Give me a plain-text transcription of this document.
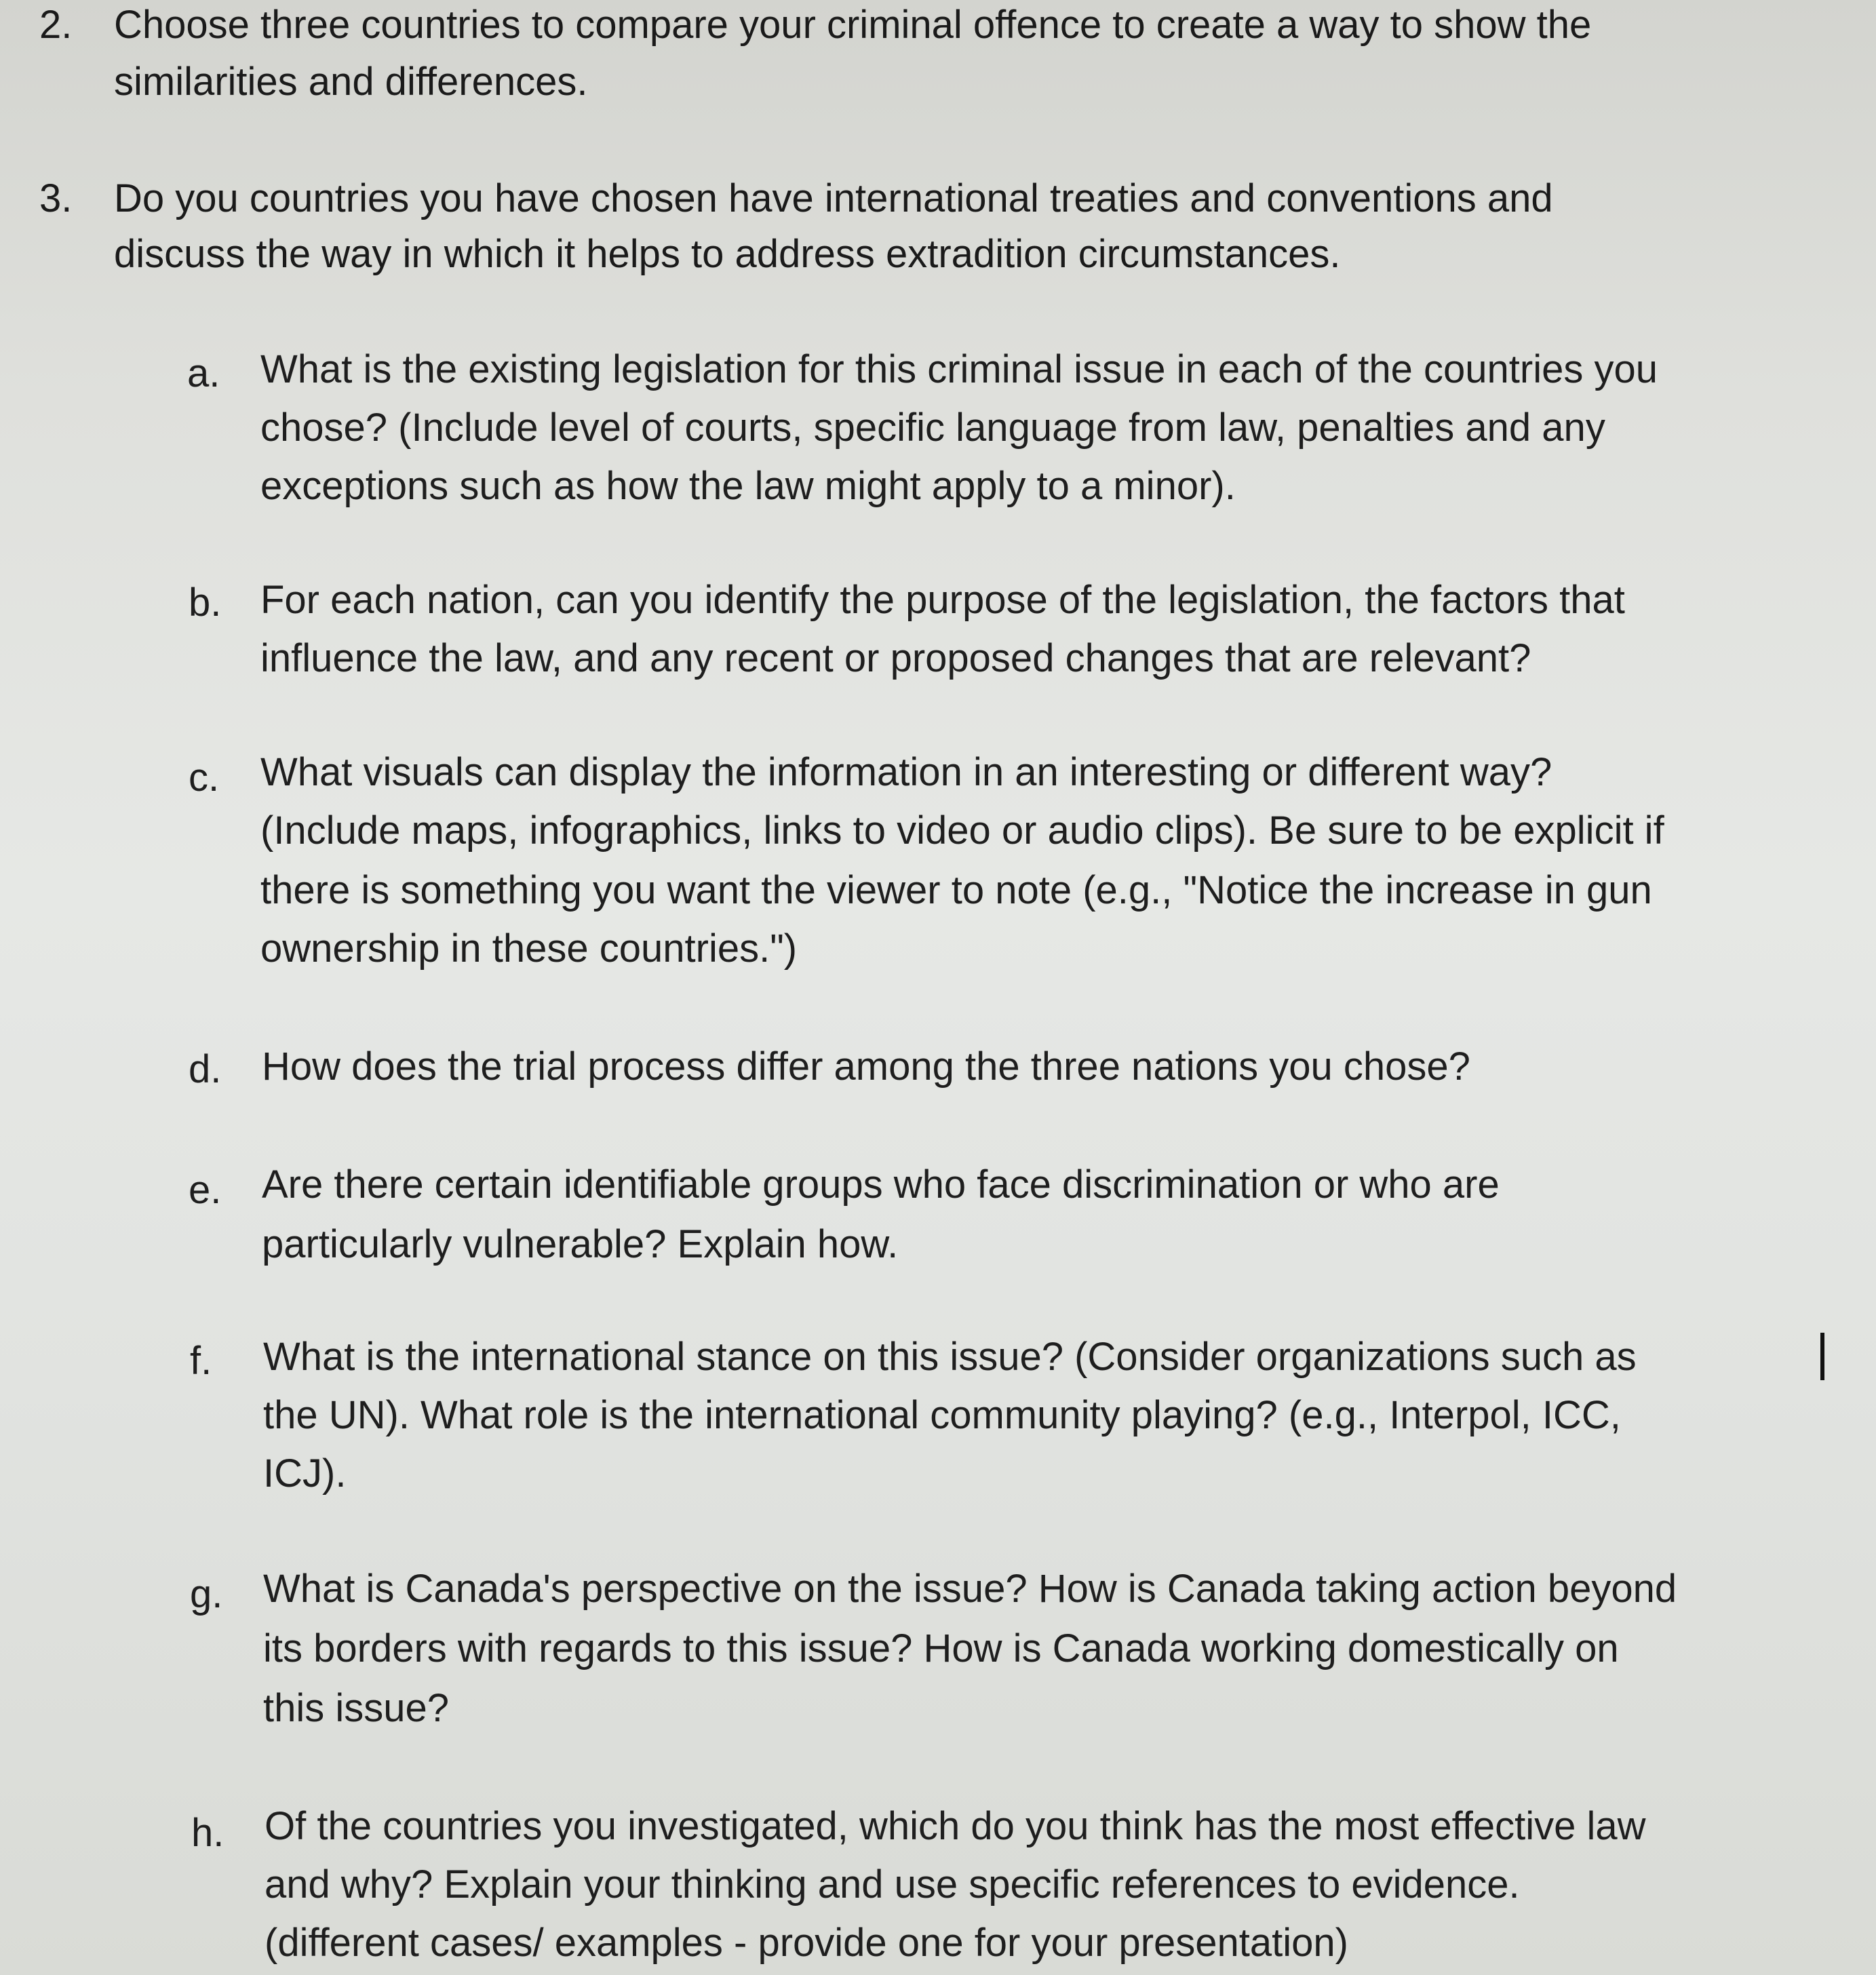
2. Choose three countries to compare your criminal offence to create a way to show the
similarities and differences.
3. Do you countries you have chosen have international treaties and conventions and
discuss the way in which it helps to address extradition circumstances.
a. What is the existing legislation for this criminal issue in each of the countries you
chose? (Include level of courts, specific language from law, penalties and any
exceptions such as how the law might apply to a minor).
b. For each nation, can you identify the purpose of the legislation, the factors that
influence the law, and any recent or proposed changes that are relevant?
c. What visuals can display the information in an interesting or different way?
(Include maps, infographics, links to video or audio clips). Be sure to be explicit if
there is something you want the viewer to note (e.g., "Notice the increase in gun
ownership in these countries.")
d. How does the trial process differ among the three nations you chose?
e. Are there certain identifiable groups who face discrimination or who are
particularly vulnerable? Explain how.
f. What is the international stance on this issue? (Consider organizations such as
the UN). What role is the international community playing? (e.g., Interpol, ICC,
ICJ).
g. What is Canada's perspective on the issue? How is Canada taking action beyond
its borders with regards to this issue? How is Canada working domestically on
this issue?
h. Of the countries you investigated, which do you think has the most effective law
and why? Explain your thinking and use specific references to evidence.
(different cases/ examples - provide one for your presentation)
